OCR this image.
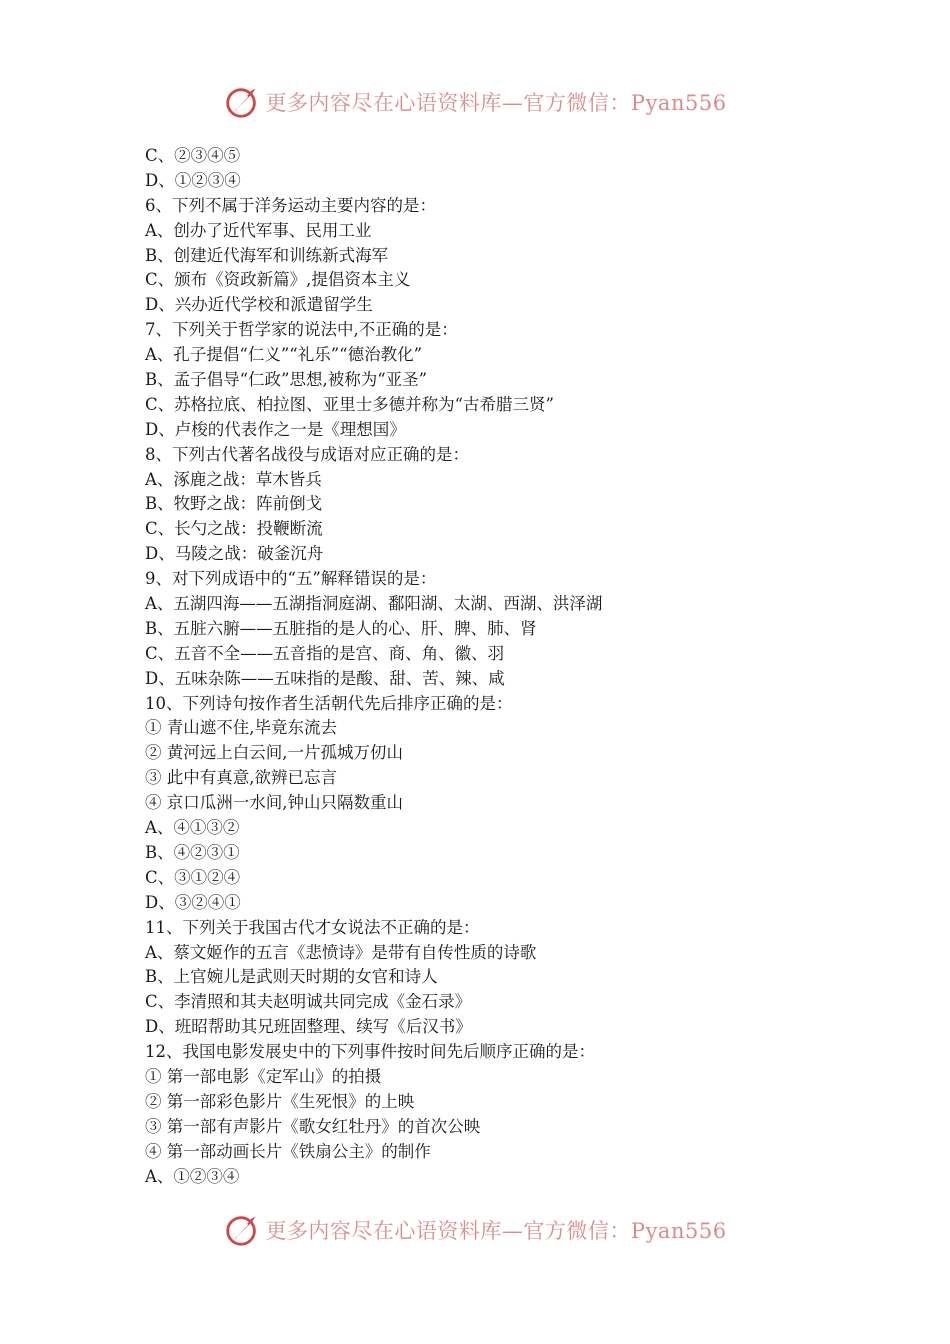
更多内容尽在心语资料库—官方微信：Pyan556
C、②③④⑤
D、①②③④
6、下列不属于洋务运动主要内容的是：
A、创办了近代军事、民用工业
B、创建近代海军和训练新式海军
C、颁布《资政新篇》,提倡资本主义
D、兴办近代学校和派遣留学生
7、下列关于哲学家的说法中,不正确的是：
A、孔子提倡“仁义”“礼乐”“德治教化”
B、孟子倡导“仁政”思想,被称为“亚圣”
C、苏格拉底、柏拉图、亚里士多德并称为“古希腊三贤”
D、卢梭的代表作之一是《理想国》
8、下列古代著名战役与成语对应正确的是：
A、涿鹿之战：草木皆兵
B、牧野之战：阵前倒戈
C、长勺之战：投鞭断流
D、马陵之战：破釜沉舟
9、对下列成语中的“五”解释错误的是：
A、五湖四海——五湖指洞庭湖、鄱阳湖、太湖、西湖、洪泽湖
B、五脏六腑——五脏指的是人的心、肝、脾、肺、肾
C、五音不全——五音指的是宫、商、角、徽、羽
D、五味杂陈——五味指的是酸、甜、苦、辣、咸
10、下列诗句按作者生活朝代先后排序正确的是：
① 青山遮不住,毕竟东流去
② 黄河远上白云间,一片孤城万仞山
③ 此中有真意,欲辨已忘言
④ 京口瓜洲一水间,钟山只隔数重山
A、④①③②
B、④②③①
C、③①②④
D、③②④①
11、下列关于我国古代才女说法不正确的是：
A、蔡文姬作的五言《悲愤诗》是带有自传性质的诗歌
B、上官婉儿是武则天时期的女官和诗人
C、李清照和其夫赵明诚共同完成《金石录》
D、班昭帮助其兄班固整理、续写《后汉书》
12、我国电影发展史中的下列事件按时间先后顺序正确的是：
① 第一部电影《定军山》的拍摄
② 第一部彩色影片《生死恨》的上映
③ 第一部有声影片《歌女红牡丹》的首次公映
④ 第一部动画长片《铁扇公主》的制作
A、①②③④
更多内容尽在心语资料库—官方微信：Pyan556
